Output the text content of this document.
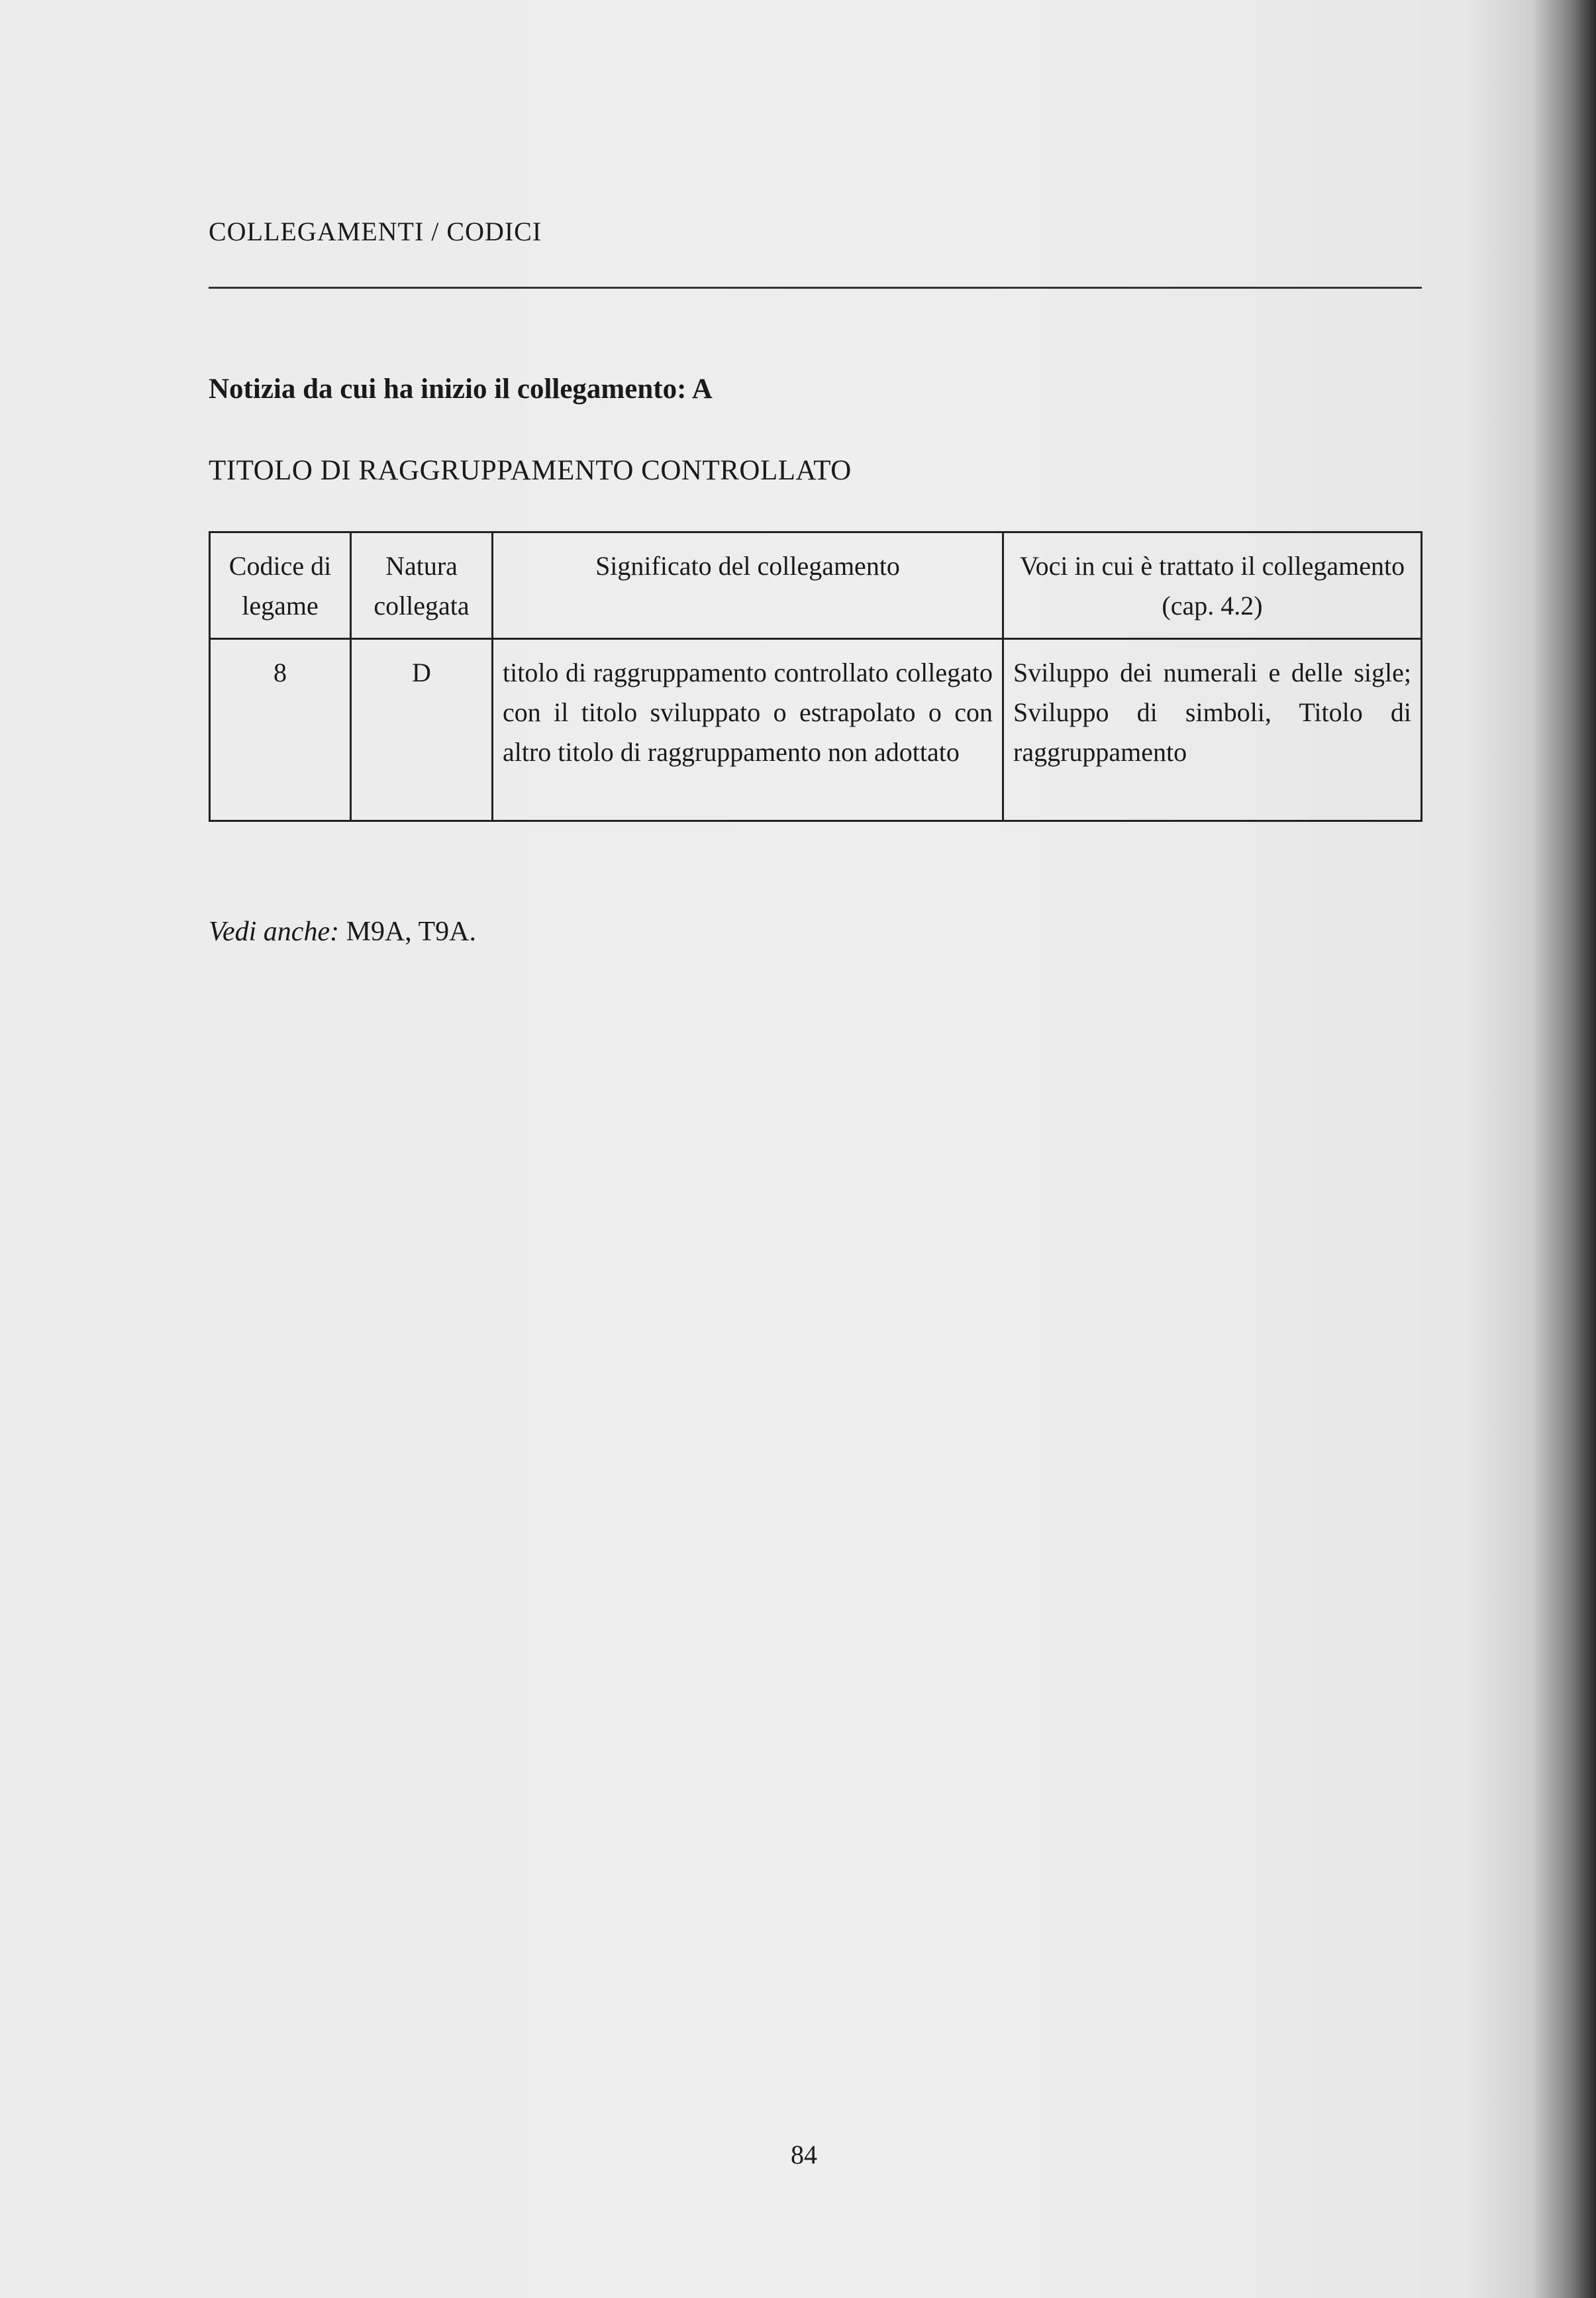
COLLEGAMENTI / CODICI
Notizia da cui ha inizio il collegamento: A
TITOLO DI RAGGRUPPAMENTO CONTROLLATO
Codice di legame	Natura collegata	Significato del collegamento	Voci in cui è trattato il collegamento (cap. 4.2)
8	D	titolo di raggruppamento controllato collegato con il titolo sviluppato o estrapolato o con altro titolo di raggruppamento non adottato	Sviluppo dei numerali e delle sigle; Sviluppo di simboli, Titolo di raggruppamento
Vedi anche: M9A, T9A.
84
